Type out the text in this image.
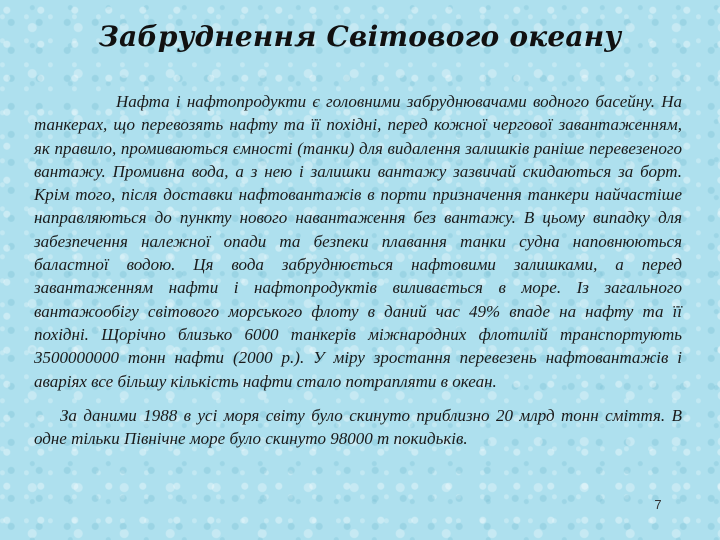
Забруднення Світового океану

Нафта і нафтопродукти є головними забруднювачами водного басейну. На танкерах, що перевозять нафту та її похідні, перед кожної чергової завантаженням, як правило, промиваються ємності (танки) для видалення залишків раніше перевезеного вантажу. Промивна вода, а з нею і залишки вантажу зазвичай скидаються за борт. Крім того, після доставки нафтовантажів в порти призначення танкери найчастіше направляються до пункту нового навантаження без вантажу. В цьому випадку для забезпечення належної опади та безпеки плавання танки судна наповнюються баластної водою. Ця вода забруднюється нафтовими залишками, а перед завантаженням нафти і нафтопродуктів виливається в море. Із загального вантажообігу світового морського флоту в даний час 49% впаде на нафту та її похідні. Щорічно близько 6000 танкерів міжнародних флотилій транспортують 3500000000 тонн нафти (2000 р.). У міру зростання перевезень нафтовантажів і аваріях все більшу кількість нафти стало потрапляти в океан.

За даними 1988 в усі моря світу було скинуто приблизно 20 млрд тонн сміття. В одне тільки Північне море було скинуто 98000 т покидьків.

7
